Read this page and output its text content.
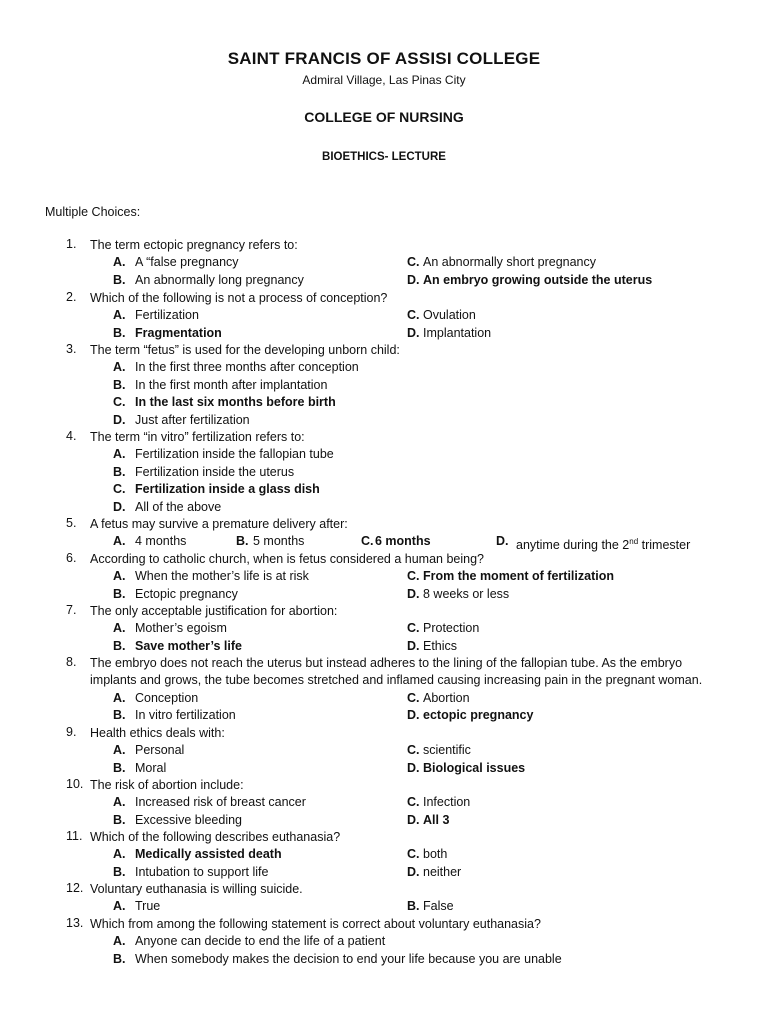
SAINT FRANCIS OF ASSISI COLLEGE
Admiral Village, Las Pinas City
COLLEGE OF NURSING
BIOETHICS- LECTURE
Multiple Choices:
1. The term ectopic pregnancy refers to:
A. A “false pregnancy	C. An abnormally short pregnancy
B. An abnormally long pregnancy	D. An embryo growing outside the uterus
2. Which of the following is not a process of conception?
A. Fertilization	C. Ovulation
B. Fragmentation	D. Implantation
3. The term “fetus” is used for the developing unborn child:
A. In the first three months after conception
B. In the first month after implantation
C. In the last six months before birth
D. Just after fertilization
4. The term “in vitro” fertilization refers to:
A. Fertilization inside the fallopian tube
B. Fertilization inside the uterus
C. Fertilization inside a glass dish
D. All of the above
5. A fetus may survive a premature delivery after:
A. 4 months	B. 5 months	C. 6 months	D. anytime during the 2nd trimester
6. According to catholic church, when is fetus considered a human being?
A. When the mother’s life is at risk	C. From the moment of fertilization
B. Ectopic pregnancy	D. 8 weeks or less
7. The only acceptable justification for abortion:
A. Mother’s egoism	C. Protection
B. Save mother’s life	D. Ethics
8. The embryo does not reach the uterus but instead adheres to the lining of the fallopian tube. As the embryo
implants and grows, the tube becomes stretched and inflamed causing increasing pain in the pregnant woman.
A. Conception	C. Abortion
B. In vitro fertilization	D. ectopic pregnancy
9. Health ethics deals with:
A. Personal	C. scientific
B. Moral	D. Biological issues
10. The risk of abortion include:
A. Increased risk of breast cancer	C. Infection
B. Excessive bleeding	D. All 3
11. Which of the following describes euthanasia?
A. Medically assisted death	C. both
B. Intubation to support life	D. neither
12. Voluntary euthanasia is willing suicide.
A. True	B. False
13. Which from among the following statement is correct about voluntary euthanasia?
A. Anyone can decide to end the life of a patient
B. When somebody makes the decision to end your life because you are unable
